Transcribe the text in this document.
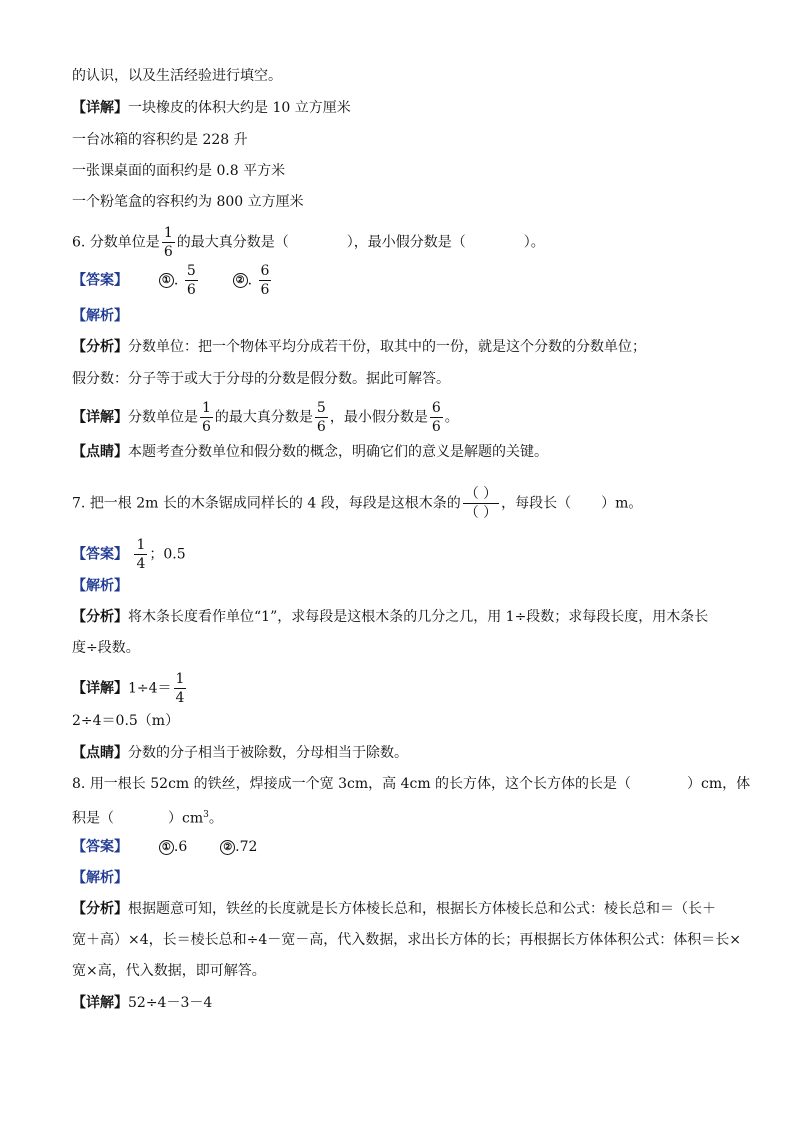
的认识，以及生活经验进行填空。
【详解】一块橡皮的体积大约是 10 立方厘米
一台冰箱的容积约是 228 升
一张课桌面的面积约是 0.8 平方米
一个粉笔盒的容积约为 800 立方厘米
6. 分数单位是 $\frac{1}{6}$ 的最大真分数是（	），最小假分数是（	）。
【答案】	① . $\frac{5}{6}$	② . $\frac{6}{6}$
【解析】
【分析】分数单位：把一个物体平均分成若干份，取其中的一份，就是这个分数的分数单位；
假分数：分子等于或大于分母的分数是假分数。据此可解答。
【详解】分数单位是 $\frac{1}{6}$ 的最大真分数是 $\frac{5}{6}$ ，最小假分数是 $\frac{6}{6}$ 。
【点睛】本题考查分数单位和假分数的概念，明确它们的意义是解题的关键。
7. 把一根 2m 长的木条锯成同样长的 4 段，每段是这根木条的 $\frac{( )}{( )}$ ，每段长（ ）m。
【答案】 $\frac{1}{4}$ ；0.5
【解析】
【分析】将木条长度看作单位“1”，求每段是这根木条的几分之几，用 1÷段数；求每段长度，用木条长
度÷段数。
【详解】$1\div 4= \frac{1}{4}$
2÷4＝0.5（m）
【点睛】分数的分子相当于被除数，分母相当于除数。
8. 用一根长 52cm 的铁丝，焊接成一个宽 3cm，高 4cm 的长方体，这个长方体的长是（	）cm，体
积是（	）$cm^3$。
【答案】	① .6	② .72
【解析】
【分析】根据题意可知，铁丝的长度就是长方体棱长总和，根据长方体棱长总和公式：棱长总和＝（长＋
宽＋高）×4，长＝棱长总和÷4－宽－高，代入数据，求出长方体的长；再根据长方体体积公式：体积＝长×
宽×高，代入数据，即可解答。
【详解】52÷4－3－4
